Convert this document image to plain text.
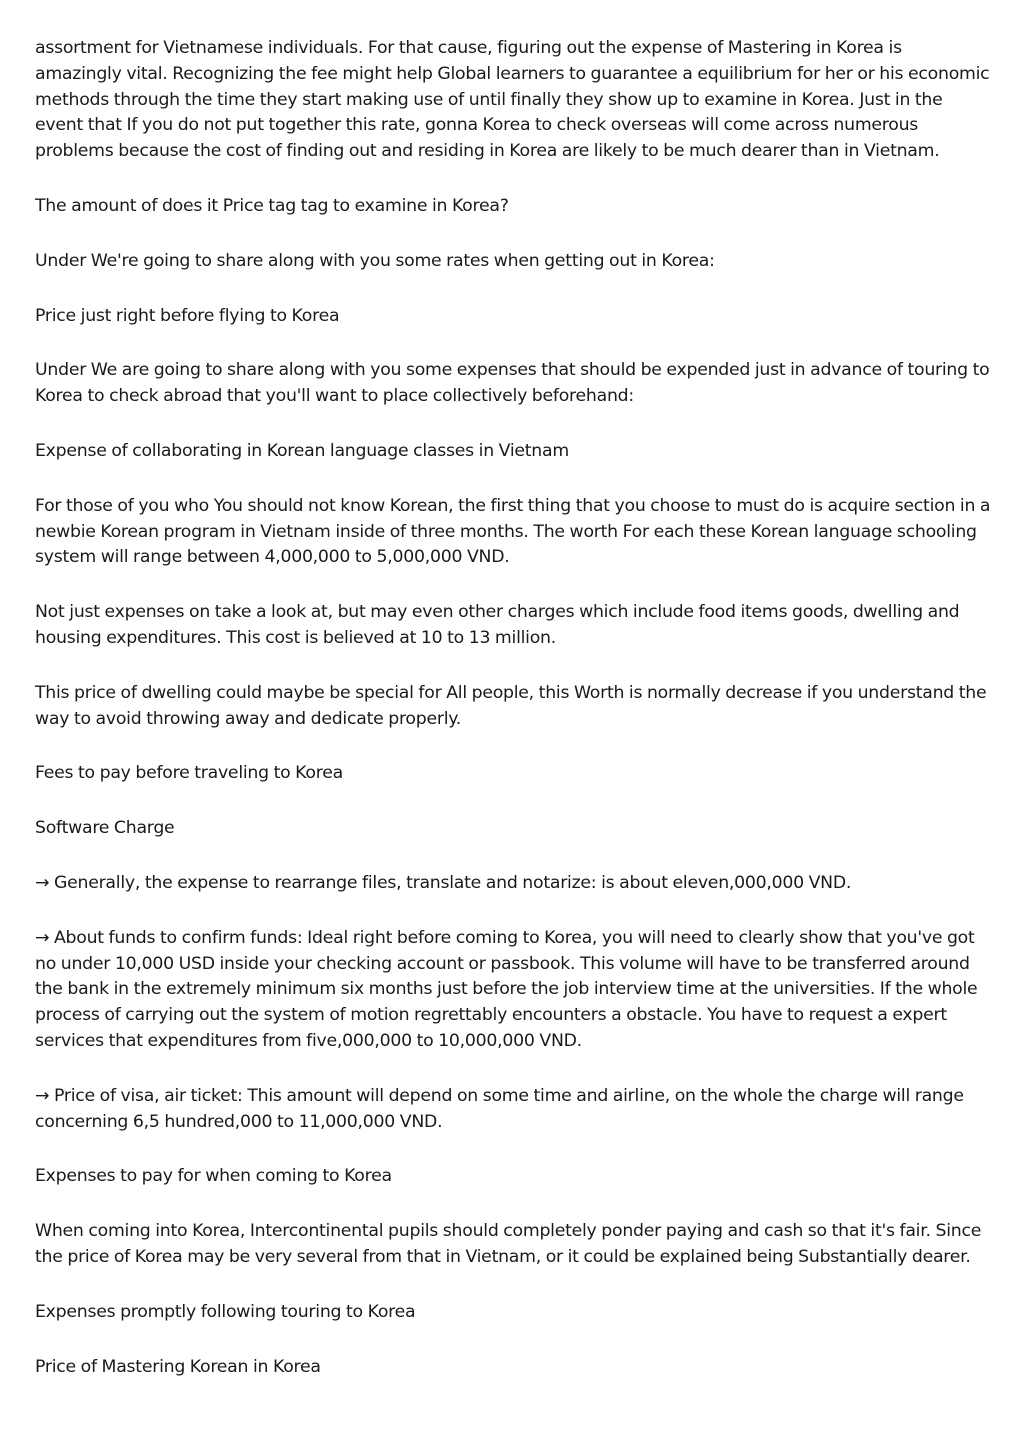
assortment for Vietnamese individuals. For that cause, figuring out the expense of Mastering in Korea is amazingly vital. Recognizing the fee might help Global learners to guarantee a equilibrium for her or his economic methods through the time they start making use of until finally they show up to examine in Korea. Just in the event that If you do not put together this rate, gonna Korea to check overseas will come across numerous problems because the cost of finding out and residing in Korea are likely to be much dearer than in Vietnam.

The amount of does it Price tag tag to examine in Korea?

Under We're going to share along with you some rates when getting out in Korea:

Price just right before flying to Korea

Under We are going to share along with you some expenses that should be expended just in advance of touring to Korea to check abroad that you'll want to place collectively beforehand:

Expense of collaborating in Korean language classes in Vietnam

For those of you who You should not know Korean, the first thing that you choose to must do is acquire section in a newbie Korean program in Vietnam inside of three months. The worth For each these Korean language schooling system will range between 4,000,000 to 5,000,000 VND.

Not just expenses on take a look at, but may even other charges which include food items goods, dwelling and housing expenditures. This cost is believed at 10 to 13 million.

This price of dwelling could maybe be special for All people, this Worth is normally decrease if you understand the way to avoid throwing away and dedicate properly.

Fees to pay before traveling to Korea

Software Charge

→ Generally, the expense to rearrange files, translate and notarize: is about eleven,000,000 VND.

→ About funds to confirm funds: Ideal right before coming to Korea, you will need to clearly show that you've got no under 10,000 USD inside your checking account or passbook. This volume will have to be transferred around the bank in the extremely minimum six months just before the job interview time at the universities. If the whole process of carrying out the system of motion regrettably encounters a obstacle. You have to request a expert services that expenditures from five,000,000 to 10,000,000 VND.

→ Price of visa, air ticket: This amount will depend on some time and airline, on the whole the charge will range concerning 6,5 hundred,000 to 11,000,000 VND.

Expenses to pay for when coming to Korea

When coming into Korea, Intercontinental pupils should completely ponder paying and cash so that it's fair. Since the price of Korea may be very several from that in Vietnam, or it could be explained being Substantially dearer.

Expenses promptly following touring to Korea

Price of Mastering Korean in Korea
